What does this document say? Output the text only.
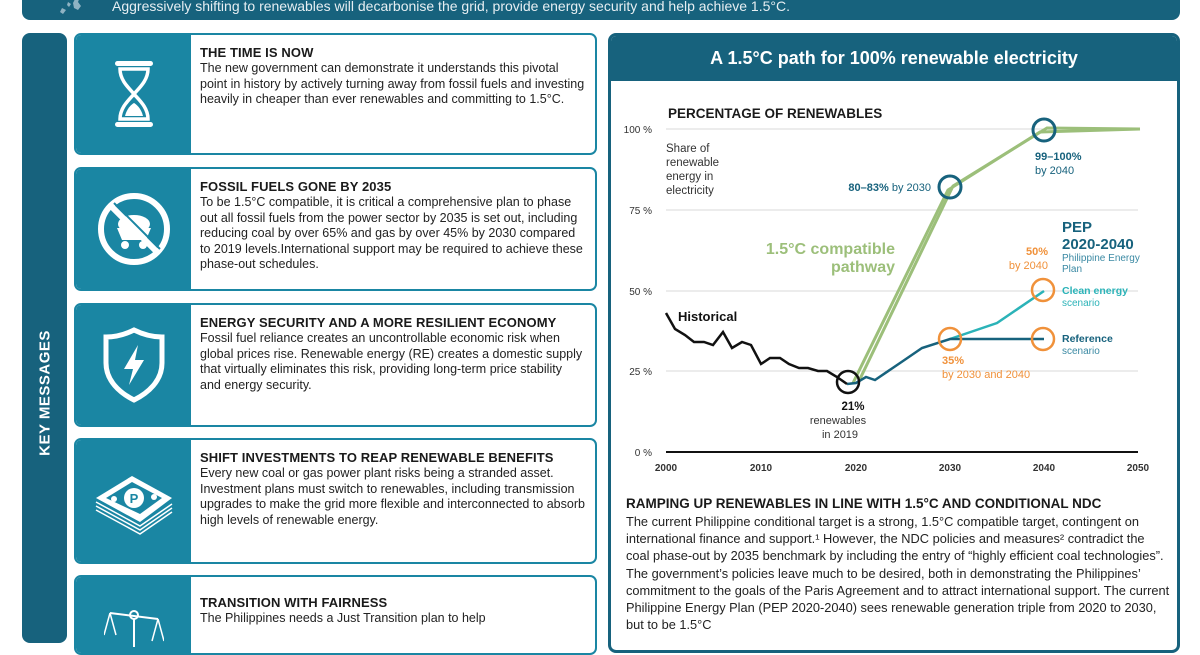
Aggressively shifting to renewables will decarbonise the grid, provide energy security and help achieve 1.5°C.
KEY MESSAGES
THE TIME IS NOW

The new government can demonstrate it understands this pivotal point in history by actively turning away from fossil fuels and investing heavily in cheaper than ever renewables and committing to 1.5°C.

FOSSIL FUELS GONE BY 2035

To be 1.5°C compatible, it is critical a comprehensive plan to phase out all fossil fuels from the power sector by 2035 is set out, including reducing coal by over 65% and gas by over 45% by 2030 compared to 2019 levels.International support may be required to achieve these phase-out schedules.

ENERGY SECURITY AND A MORE RESILIENT ECONOMY

Fossil fuel reliance creates an uncontrollable economic risk when global prices rise. Renewable energy (RE) creates a domestic supply that virtually eliminates this risk, providing long-term price stability and energy security.

P
SHIFT INVESTMENTS TO REAP RENEWABLE BENEFITS

Every new coal or gas power plant risks being a stranded asset. Investment plans must switch to renewables, including transmission upgrades to make the grid more flexible and interconnected to absorb high levels of renewable energy.

TRANSITION WITH FAIRNESS

The Philippines needs a Just Transition plan to help

A 1.5°C path for 100% renewable electricity
PERCENTAGE OF RENEWABLES
100 %
75 %
50 %
25 %
0 %
2000	2010	2020	2030	2040	2050
Share of
renewable
energy in
electricity
Historical
21%
renewables
in 2019
80–83% by 2030
99–100%
by 2040
1.5°C compatible
pathway
50%
by 2040
35%
by 2030 and 2040
PEP
2020-2040
Philippine Energy
Plan
Clean energy
scenario
Reference
scenario
RAMPING UP RENEWABLES IN LINE WITH 1.5°C AND CONDITIONAL NDC
The current Philippine conditional target is a strong, 1.5°C compatible target, contingent on international finance and support.¹ However, the NDC policies and measures² contradict the coal phase-out by 2035 benchmark by including the entry of “highly efficient coal technologies”. The government’s policies leave much to be desired, both in demonstrating the Philippines’ commitment to the goals of the Paris Agreement and to attract international support. The current Philippine Energy Plan (PEP 2020-2040) sees renewable generation triple from 2020 to 2030, but to be 1.5°C
